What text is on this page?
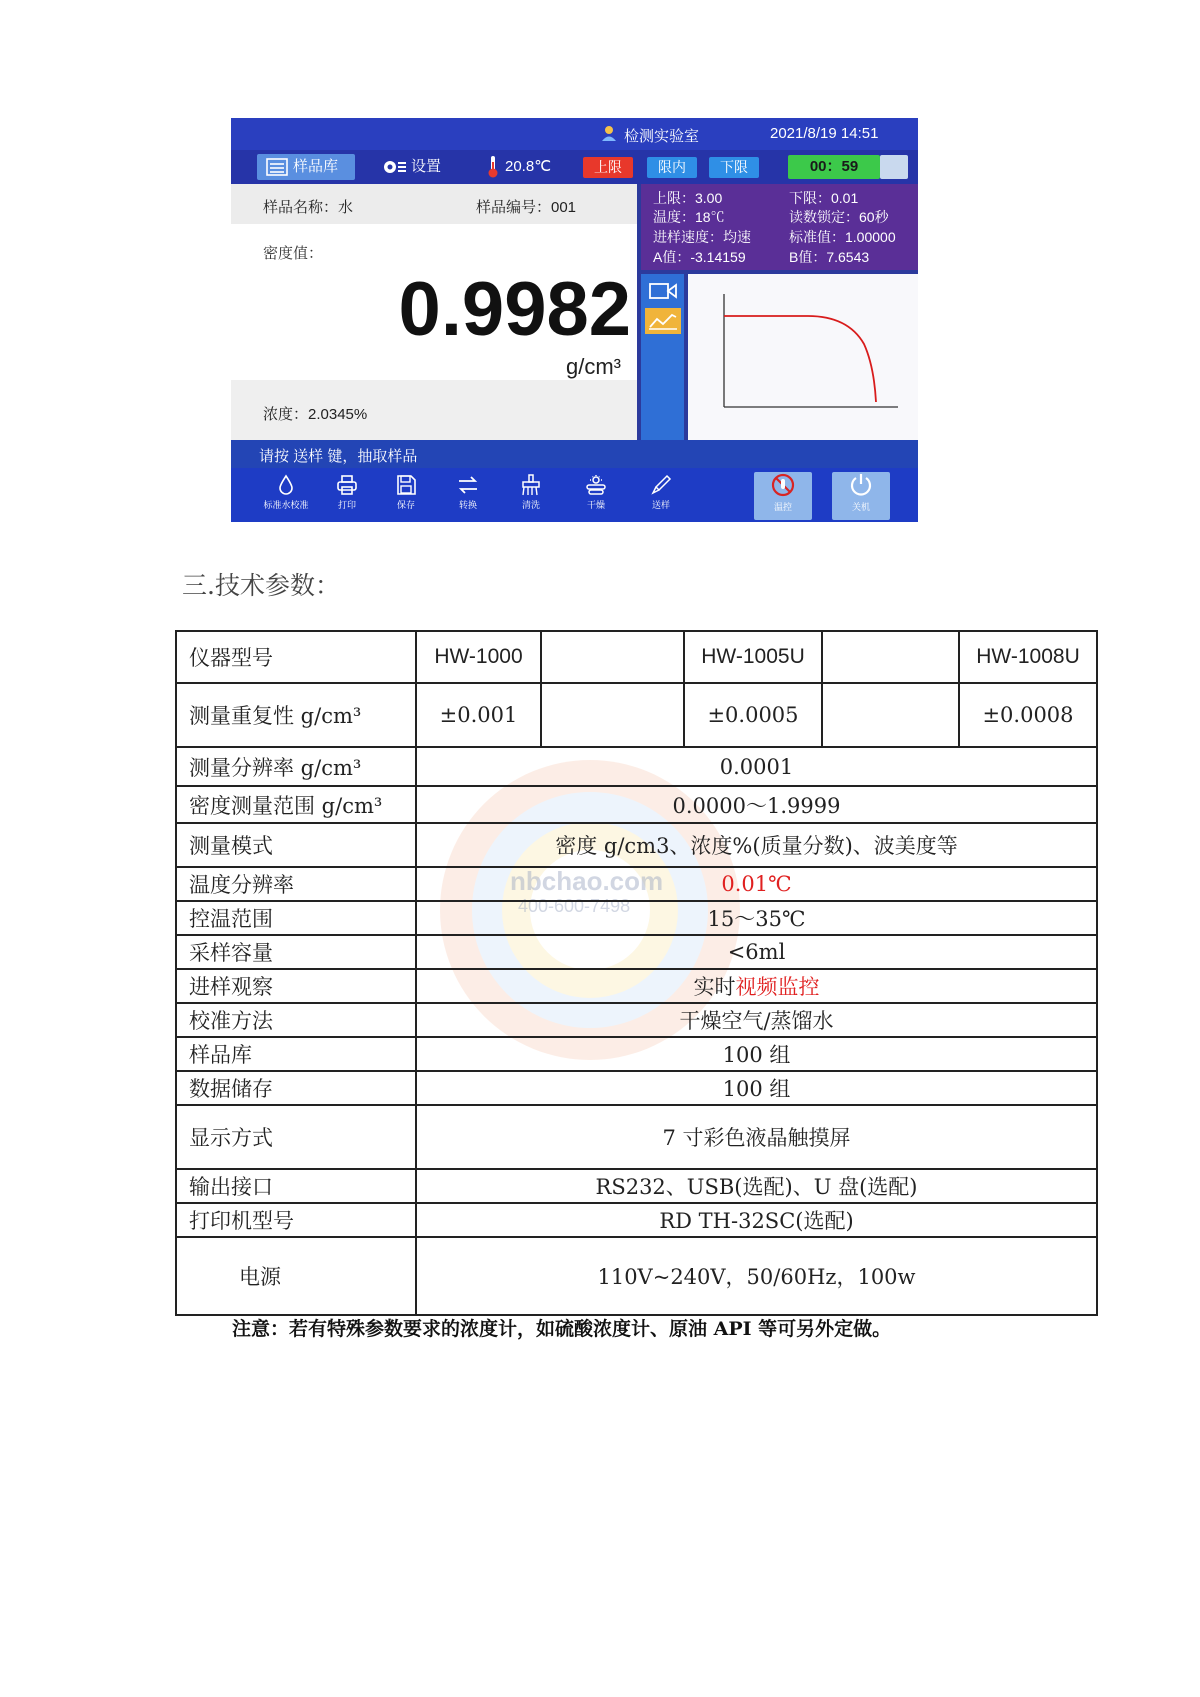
检测实验室	2021/8/19 14:51
样品库	设置	20.8℃	上限	限内	下限	00：59
样品名称：水	样品编号：001
密度值：
0.9982
g/cm³
浓度：2.0345%
上限：3.00	下限：0.01
温度：18℃	读数锁定：60秒
进样速度：均速	标准值：1.00000
A值：-3.14159	B值：7.6543
请按 送样 键，抽取样品
标准水校准	打印	保存	转换	清洗	干燥	送样	温控	关机
三.技术参数：
nbchao.com
400-600-7498
仪器型号	HW-1000		HW-1005U		HW-1008U
测量重复性 g/cm³	±0.001		±0.0005		±0.0008
测量分辨率 g/cm³	0.0001				
密度测量范围 g/cm³	0.0000～1.9999				
测量模式	密度 g/cm3、浓度%(质量分数)、波美度等				
温度分辨率	0.01℃				
控温范围	15～35℃				
采样容量	<6ml				
进样观察	实时视频监控				
校准方法	干燥空气/蒸馏水				
样品库	100 组				
数据储存	100 组				
显示方式	7 寸彩色液晶触摸屏				
输出接口	RS232、USB(选配)、U 盘(选配)				
打印机型号	RD TH-32SC(选配)				
电源	110V~240V，50/60Hz，100w				
注意：若有特殊参数要求的浓度计，如硫酸浓度计、原油 API 等可另外定做。
